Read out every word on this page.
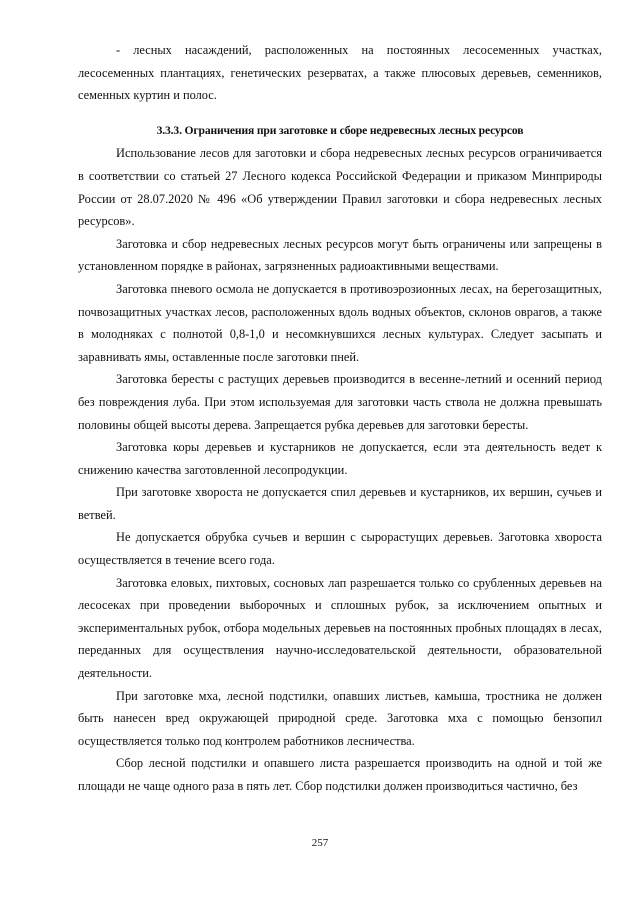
- лесных насаждений, расположенных на постоянных лесосеменных участках, лесосеменных плантациях, генетических резерватах, а также плюсовых деревьев, семенников, семенных куртин и полос.

3.3.3. Ограничения при заготовке и сборе недревесных лесных ресурсов

Использование лесов для заготовки и сбора недревесных лесных ресурсов ограничивается в соответствии со статьей 27 Лесного кодекса Российской Федерации и приказом Минприроды России от 28.07.2020 № 496 «Об утверждении Правил заготовки и сбора недревесных лесных ресурсов».

Заготовка и сбор недревесных лесных ресурсов могут быть ограничены или запрещены в установленном порядке в районах, загрязненных радиоактивными веществами.

Заготовка пневого осмола не допускается в противоэрозионных лесах, на берегозащитных, почвозащитных участках лесов, расположенных вдоль водных объектов, склонов оврагов, а также в молодняках с полнотой 0,8-1,0 и несомкнувшихся лесных культурах. Следует засыпать и заравнивать ямы, оставленные после заготовки пней.

Заготовка бересты с растущих деревьев производится в весенне-летний и осенний период без повреждения луба. При этом используемая для заготовки часть ствола не должна превышать половины общей высоты дерева. Запрещается рубка деревьев для заготовки бересты.

Заготовка коры деревьев и кустарников не допускается, если эта деятельность ведет к снижению качества заготовленной лесопродукции.

При заготовке хвороста не допускается спил деревьев и кустарников, их вершин, сучьев и ветвей.

Не допускается обрубка сучьев и вершин с сырорастущих деревьев. Заготовка хвороста осуществляется в течение всего года.

Заготовка еловых, пихтовых, сосновых лап разрешается только со срубленных деревьев на лесосеках при проведении выборочных и сплошных рубок, за исключением опытных и экспериментальных рубок, отбора модельных деревьев на постоянных пробных площадях в лесах, переданных для осуществления научно-исследовательской деятельности, образовательной деятельности.

При заготовке мха, лесной подстилки, опавших листьев, камыша, тростника не должен быть нанесен вред окружающей природной среде. Заготовка мха с помощью бензопил осуществляется только под контролем работников лесничества.

Сбор лесной подстилки и опавшего листа разрешается производить на одной и той же площади не чаще одного раза в пять лет. Сбор подстилки должен производиться частично, без

257
